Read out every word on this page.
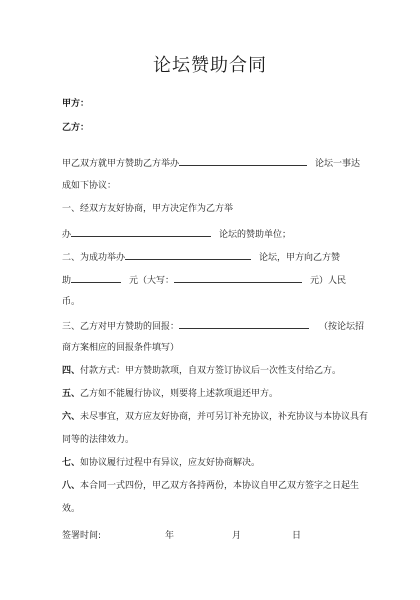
论坛赞助合同
甲方：
乙方：
甲乙双方就甲方赞助乙方举办	论坛一事达
成如下协议：
一、经双方友好协商，甲方决定作为乙方举
办	论坛的赞助单位；
二、为成功举办	论坛，甲方向乙方赞
助	元（大写：	元）人民
币。
三、乙方对甲方赞助的回报：	（按论坛招
商方案相应的回报条件填写）
四、付款方式：甲方赞助款项，自双方签订协议后一次性支付给乙方。
五、乙方如不能履行协议，则要将上述款项退还甲方。
六、未尽事宜，双方应友好协商，并可另订补充协议，补充协议与本协议具有
同等的法律效力。
七、如协议履行过程中有异议，应友好协商解决。
八、本合同一式四份，甲乙双方各持两份，本协议自甲乙双方签字之日起生
效。
签署时间:	年	月	日
